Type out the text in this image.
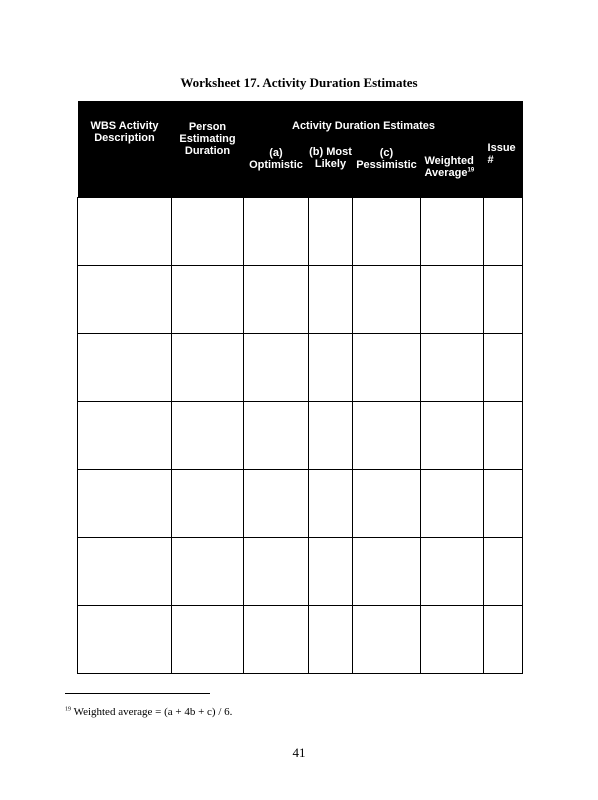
Worksheet 17. Activity Duration Estimates
WBS Activity Description	Person Estimating Duration	Activity Duration Estimates				Issue #
		(a) Optimistic	(b) Most Likely	(c) Pessimistic	Weighted Average$^{19}$

$^{19}$ Weighted average = (a + 4b + c) / 6.
41
